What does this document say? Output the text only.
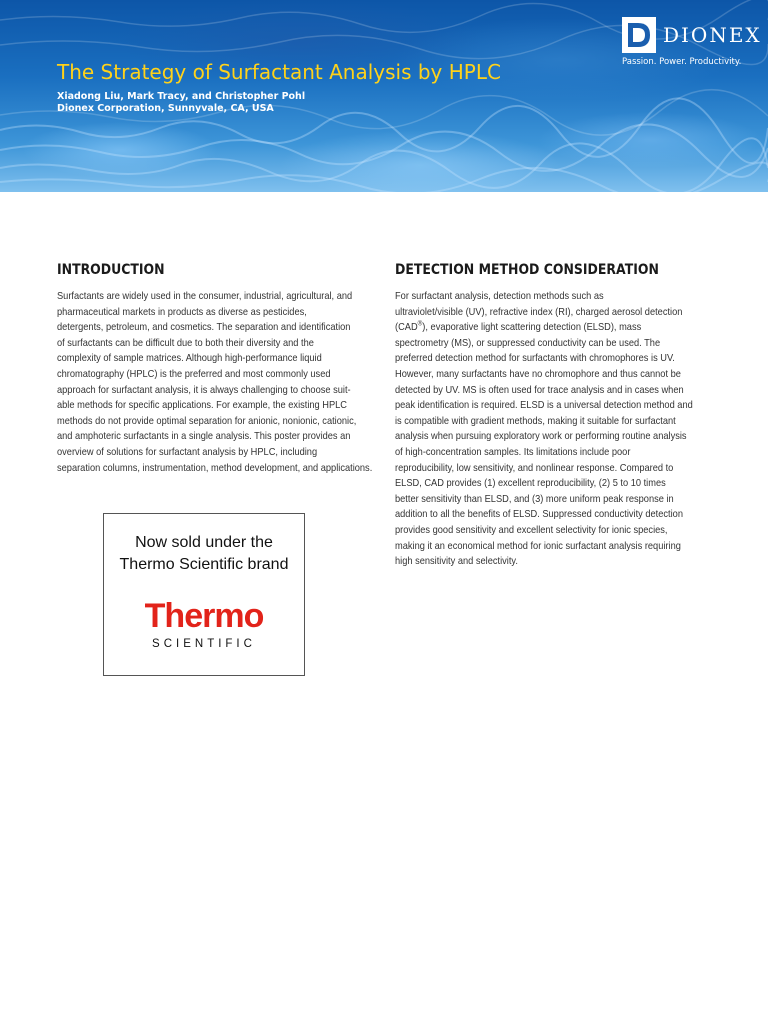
The Strategy of Surfactant Analysis by HPLC

Xiadong Liu, Mark Tracy, and Christopher Pohl

Dionex Corporation, Sunnyvale, CA, USA

DIONEX
Passion. Power. Productivity.
INTRODUCTION
Surfactants are widely used in the consumer, industrial, agricultural, and
pharmaceutical markets in products as diverse as pesticides,
detergents, petroleum, and cosmetics. The separation and identification
of surfactants can be difficult due to both their diversity and the
complexity of sample matrices. Although high-performance liquid
chromatography (HPLC) is the preferred and most commonly used
approach for surfactant analysis, it is always challenging to choose suit-
able methods for specific applications. For example, the existing HPLC
methods do not provide optimal separation for anionic, nonionic, cationic,
and amphoteric surfactants in a single analysis. This poster provides an
overview of solutions for surfactant analysis by HPLC, including
separation columns, instrumentation, method development, and applications.
DETECTION METHOD CONSIDERATION
For surfactant analysis, detection methods such as
ultraviolet/visible (UV), refractive index (RI), charged aerosol detection
(CAD®), evaporative light scattering detection (ELSD), mass
spectrometry (MS), or suppressed conductivity can be used. The
preferred detection method for surfactants with chromophores is UV.
However, many surfactants have no chromophore and thus cannot be
detected by UV. MS is often used for trace analysis and in cases when
peak identification is required. ELSD is a universal detection method and
is compatible with gradient methods, making it suitable for surfactant
analysis when pursuing exploratory work or performing routine analysis
of high-concentration samples. Its limitations include poor
reproducibility, low sensitivity, and nonlinear response. Compared to
ELSD, CAD provides (1) excellent reproducibility, (2) 5 to 10 times
better sensitivity than ELSD, and (3) more uniform peak response in
addition to all the benefits of ELSD. Suppressed conductivity detection
provides good sensitivity and excellent selectivity for ionic species,
making it an economical method for ionic surfactant analysis requiring
high sensitivity and selectivity.
Now sold under the
Thermo Scientific brand
Thermo
SCIENTIFIC
